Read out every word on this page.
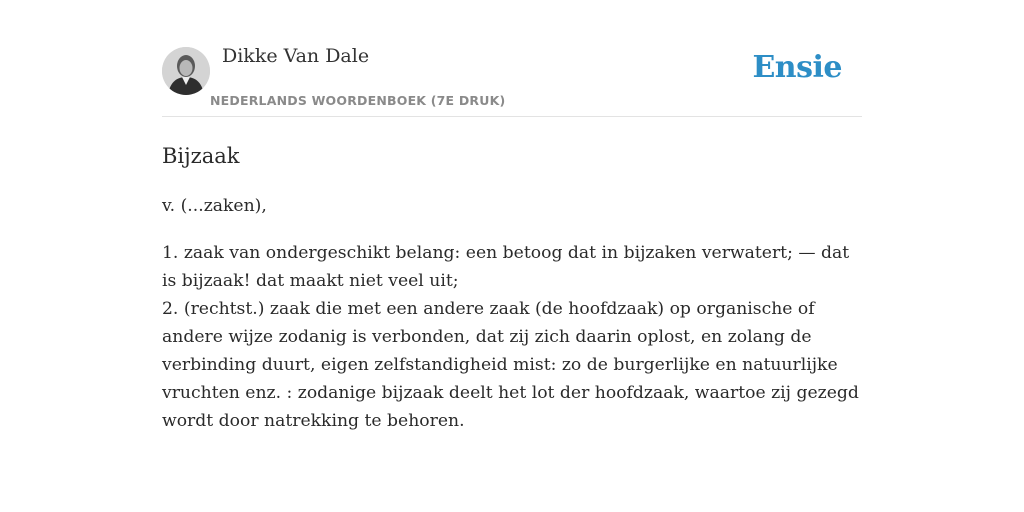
Dikke Van Dale
NEDERLANDS WOORDENBOEK (7E DRUK)
Ensie
Bijzaak
v. (...zaken),
1. zaak van ondergeschikt belang: een betoog dat in bijzaken verwatert; — dat is bijzaak! dat maakt niet veel uit;
2. (rechtst.) zaak die met een andere zaak (de hoofdzaak) op organische of andere wijze zodanig is verbonden, dat zij zich daarin oplost, en zolang de verbinding duurt, eigen zelfstandigheid mist: zo de burgerlijke en natuurlijke vruchten enz. : zodanige bijzaak deelt het lot der hoofdzaak, waartoe zij gezegd wordt door natrekking te behoren.
